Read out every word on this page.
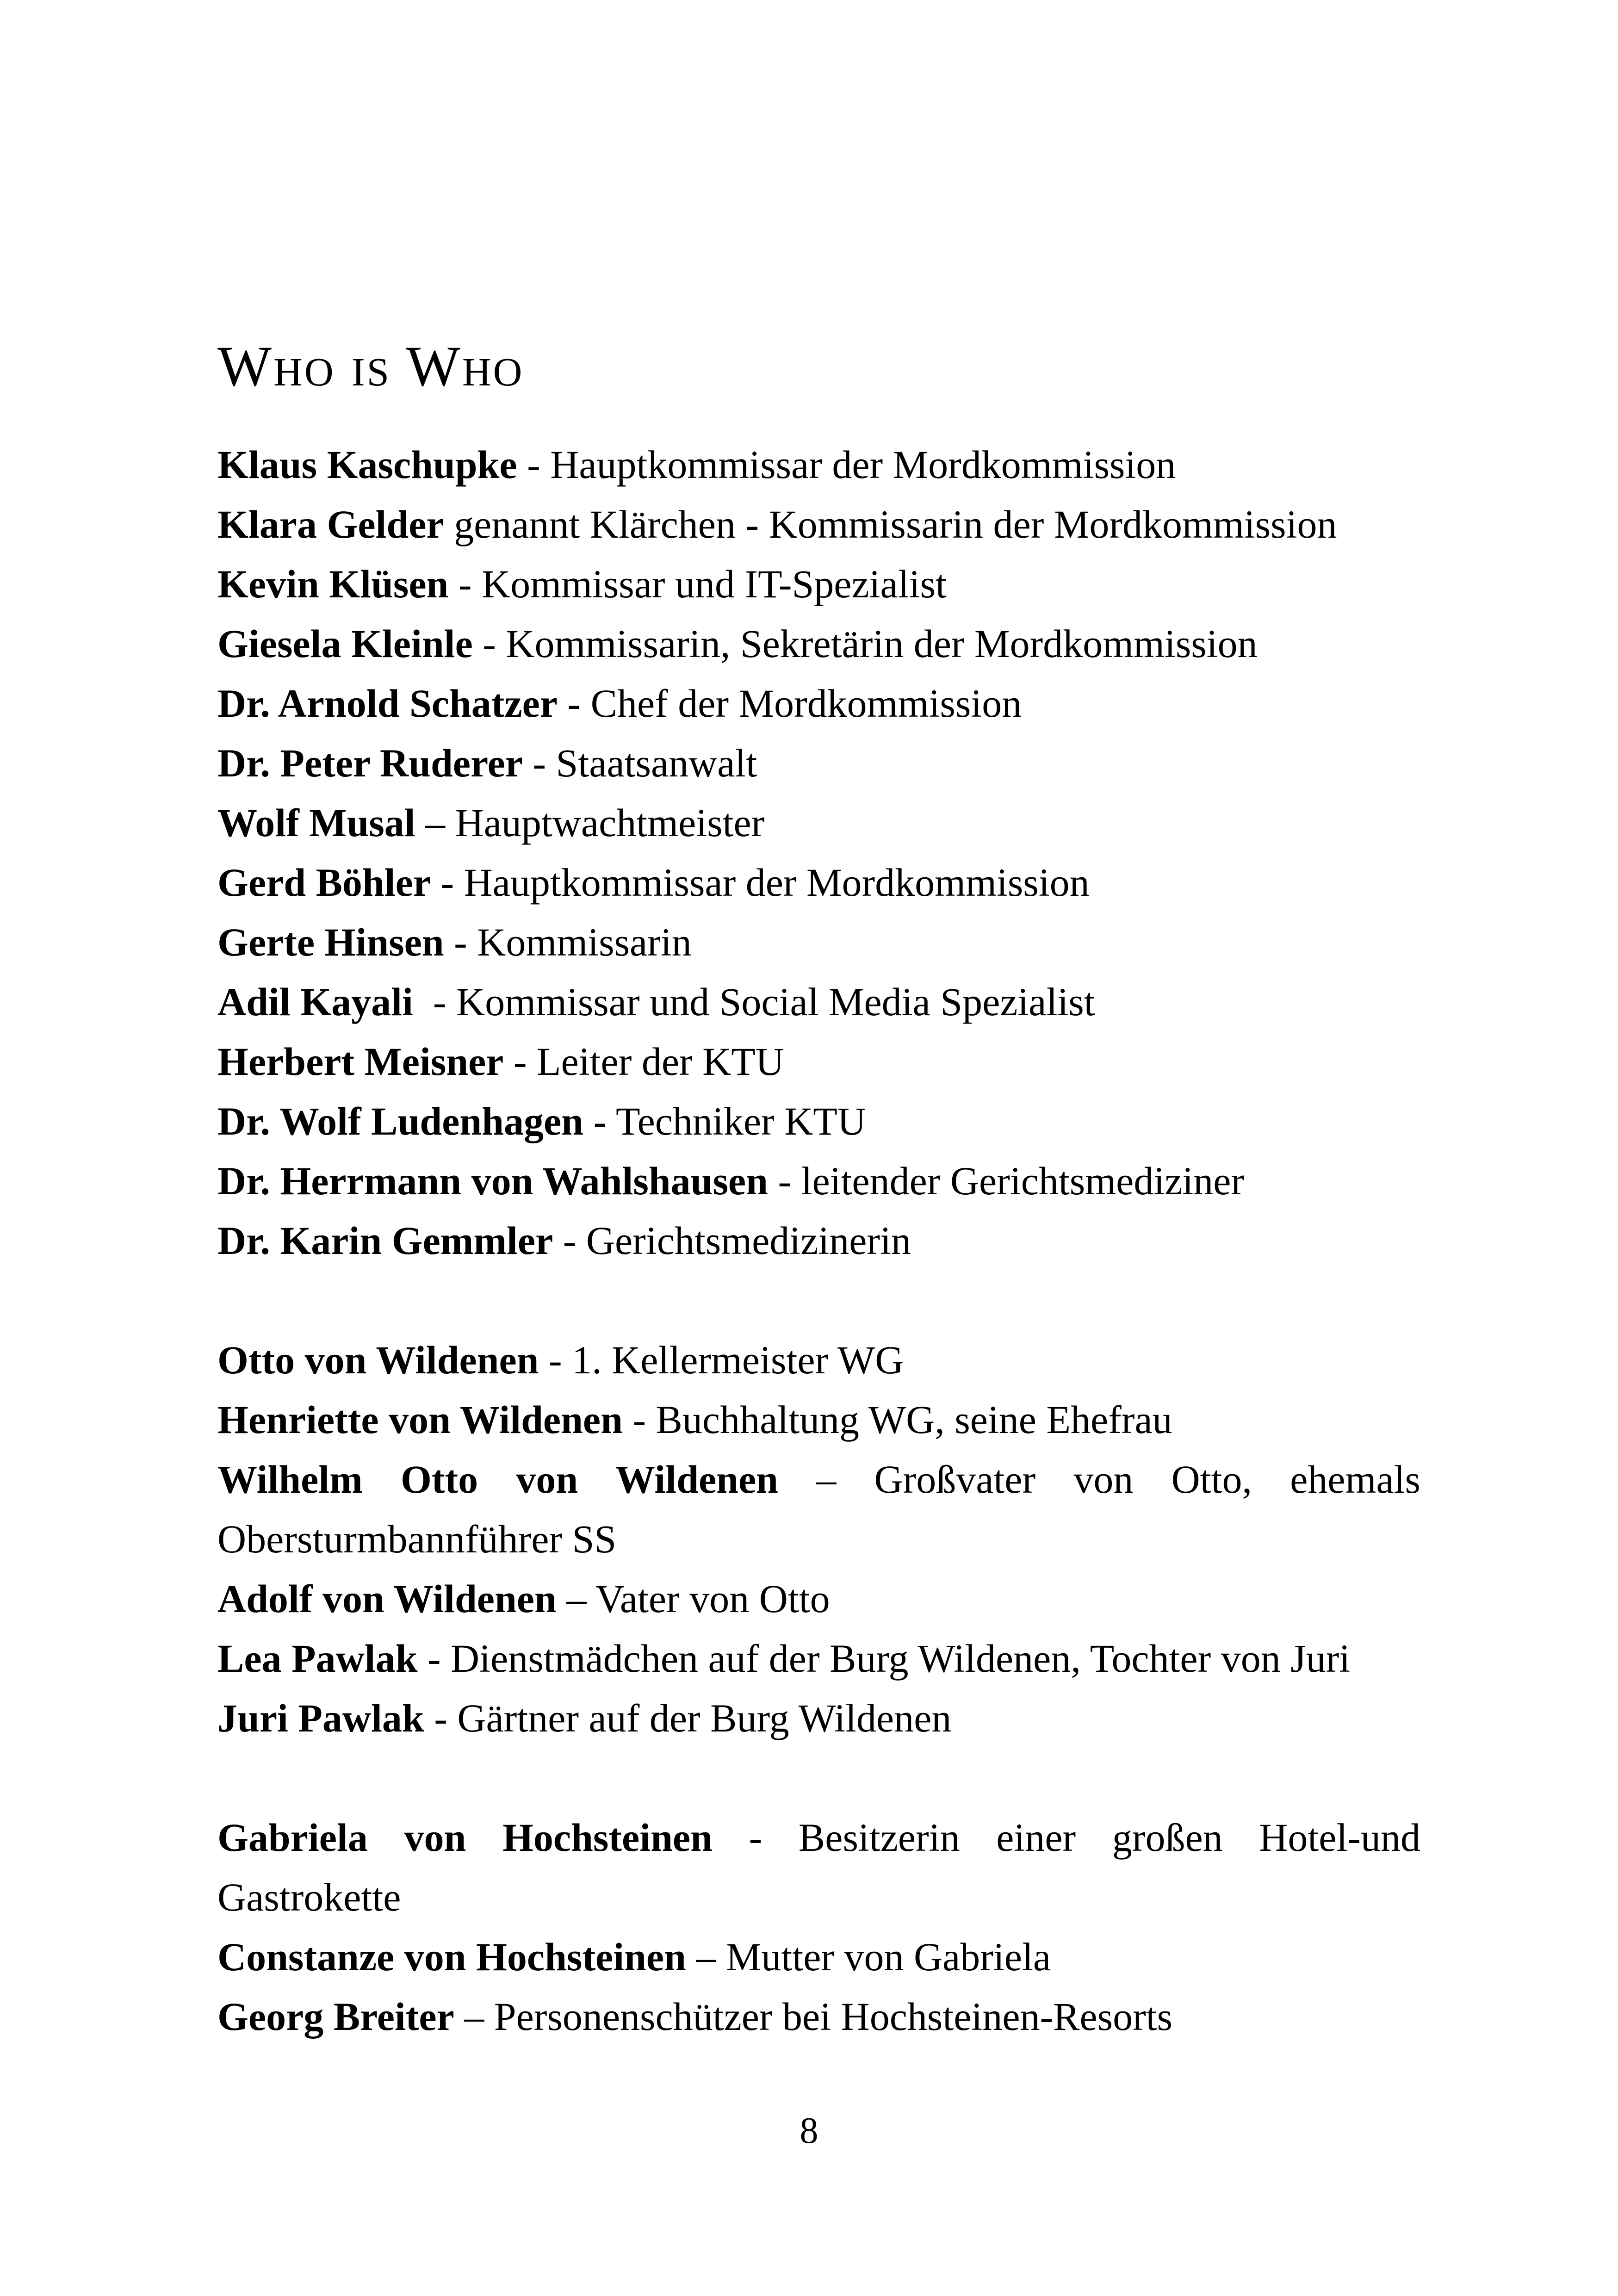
Who is Who

Klaus Kaschupke - Hauptkommissar der Mordkommission

Klara Gelder genannt Klärchen - Kommissarin der Mordkommission

Kevin Klüsen - Kommissar und IT-Spezialist

Giesela Kleinle - Kommissarin, Sekretärin der Mordkommission

Dr. Arnold Schatzer - Chef der Mordkommission

Dr. Peter Ruderer - Staatsanwalt

Wolf Musal – Hauptwachtmeister

Gerd Böhler - Hauptkommissar der Mordkommission

Gerte Hinsen - Kommissarin

Adil Kayali  - Kommissar und Social Media Spezialist

Herbert Meisner - Leiter der KTU

Dr. Wolf Ludenhagen - Techniker KTU

Dr. Herrmann von Wahlshausen - leitender Gerichtsmediziner

Dr. Karin Gemmler - Gerichtsmedizinerin

Otto von Wildenen - 1. Kellermeister WG

Henriette von Wildenen - Buchhaltung WG, seine Ehefrau

Wilhelm Otto von Wildenen – Großvater von Otto, ehemals Obersturmbannführer SS

Adolf von Wildenen – Vater von Otto

Lea Pawlak - Dienstmädchen auf der Burg Wildenen, Tochter von Juri

Juri Pawlak - Gärtner auf der Burg Wildenen

Gabriela von Hochsteinen - Besitzerin einer großen Hotel-und Gastrokette

Constanze von Hochsteinen – Mutter von Gabriela

Georg Breiter – Personenschützer bei Hochsteinen-Resorts

8
